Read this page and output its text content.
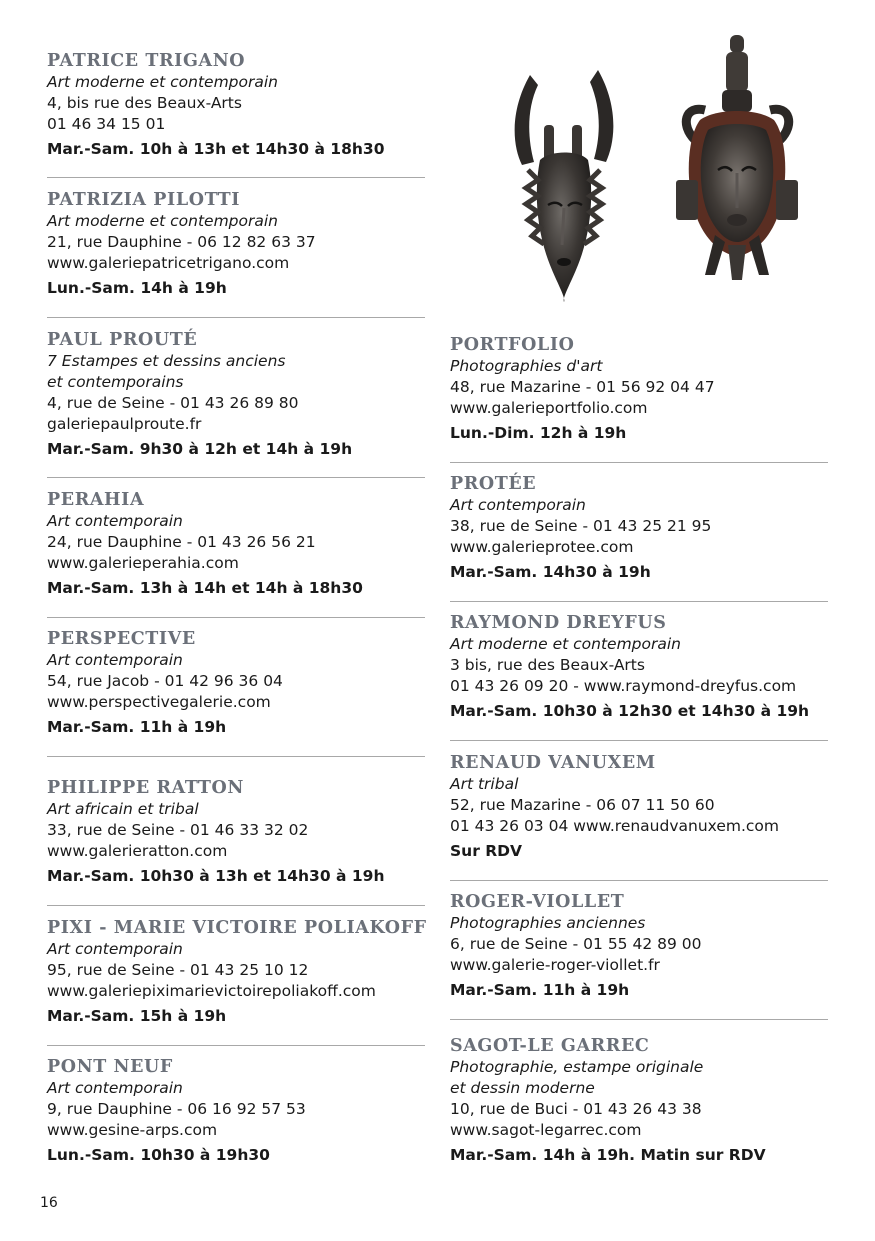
PATRICE TRIGANO
Art moderne et contemporain
4, bis rue des Beaux-Arts
01 46 34 15 01
Mar.-Sam. 10h à 13h et 14h30 à 18h30
PATRIZIA PILOTTI
Art moderne et contemporain
21, rue Dauphine - 06 12 82 63 37
www.galeriepatricetrigano.com
Lun.-Sam. 14h à 19h
PAUL PROUTÉ
7 Estampes et dessins anciens
et contemporains
4, rue de Seine - 01 43 26 89 80
galeriepaulproute.fr
Mar.-Sam. 9h30 à 12h et 14h à 19h
PERAHIA
Art contemporain
24, rue Dauphine - 01 43 26 56 21
www.galerieperahia.com
Mar.-Sam. 13h à 14h et 14h à 18h30
PERSPECTIVE
Art contemporain
54, rue Jacob - 01 42 96 36 04
www.perspectivegalerie.com
Mar.-Sam. 11h à 19h
PHILIPPE RATTON
Art africain et tribal
33, rue de Seine - 01 46 33 32 02
www.galerieratton.com
Mar.-Sam. 10h30 à 13h et 14h30 à 19h
PIXI - MARIE VICTOIRE POLIAKOFF
Art contemporain
95, rue de Seine - 01 43 25 10 12
www.galeriepiximarievictoirepoliakoff.com
Mar.-Sam. 15h à 19h
PONT NEUF
Art contemporain
9, rue Dauphine - 06 16 92 57 53
www.gesine-arps.com
Lun.-Sam. 10h30 à 19h30
PORTFOLIO
Photographies d'art
48, rue Mazarine - 01 56 92 04 47
www.galerieportfolio.com
Lun.-Dim. 12h à 19h
PROTÉE
Art contemporain
38, rue de Seine - 01 43 25 21 95
www.galerieprotee.com
Mar.-Sam. 14h30 à 19h
RAYMOND DREYFUS
Art moderne et contemporain
3 bis, rue des Beaux-Arts
01 43 26 09 20 - www.raymond-dreyfus.com
Mar.-Sam. 10h30 à 12h30 et 14h30 à 19h
RENAUD VANUXEM
Art tribal
52, rue Mazarine - 06 07 11 50 60
01 43 26 03 04 www.renaudvanuxem.com
Sur RDV
ROGER-VIOLLET
Photographies anciennes
6, rue de Seine - 01 55 42 89 00
www.galerie-roger-viollet.fr
Mar.-Sam. 11h à 19h
SAGOT-LE GARREC
Photographie, estampe originale
et dessin moderne
10, rue de Buci - 01 43 26 43 38
www.sagot-legarrec.com
Mar.-Sam. 14h à 19h. Matin sur RDV
16
